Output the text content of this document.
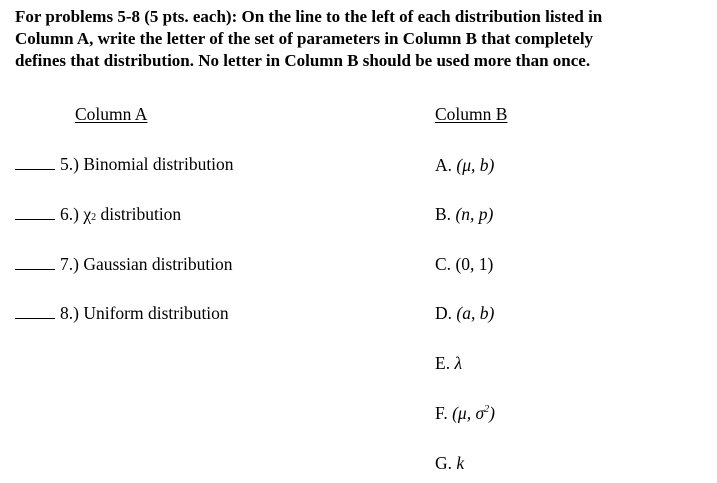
For problems 5-8 (5 pts. each): On the line to the left of each distribution listed in
Column A, write the letter of the set of parameters in Column B that completely
defines that distribution. No letter in Column B should be used more than once.
Column A	Column B
5.)
Binomial distribution
6.)
χ 2
distribution
7.)
Gaussian distribution
8.)
Uniform distribution
A. (μ, b)
B. (n, p)
C. (0, 1)
D. (a, b)
E. λ
F. (μ, $\sigma^2$)
G. k
